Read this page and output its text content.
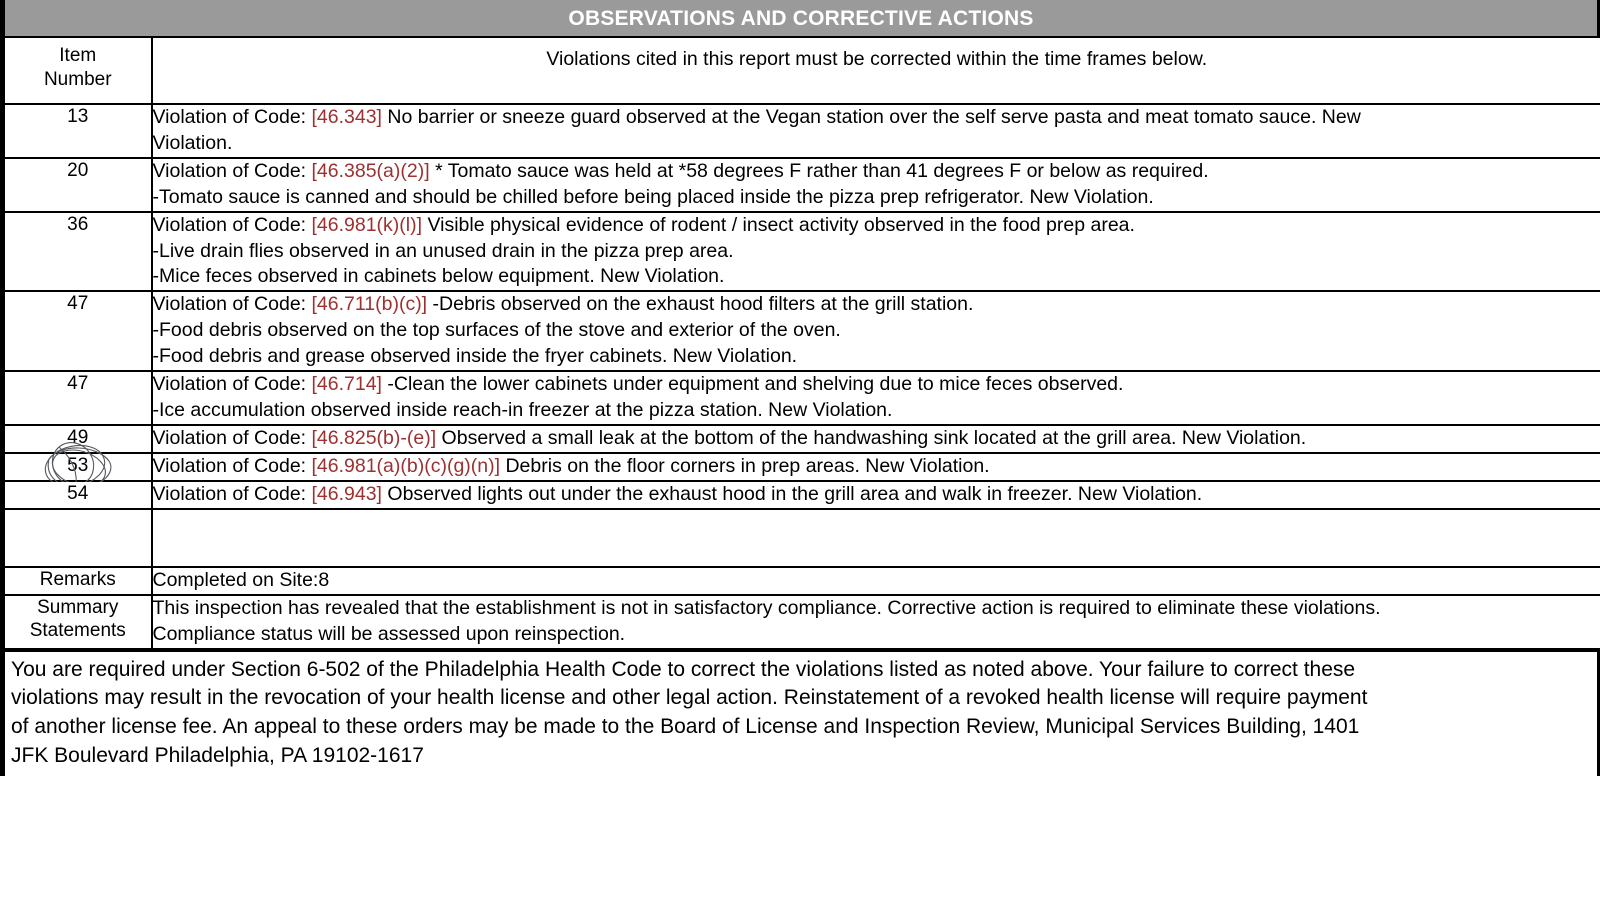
OBSERVATIONS AND CORRECTIVE ACTIONS
Item
Number	Violations cited in this report must be corrected within the time frames below.

13	Violation of Code: [46.343] No barrier or sneeze guard observed at the Vegan station over the self serve pasta and meat tomato sauce. New
Violation.

20	Violation of Code: [46.385(a)(2)] * Tomato sauce was held at *58 degrees F rather than 41 degrees F or below as required.
-Tomato sauce is canned and should be chilled before being placed inside the pizza prep refrigerator. New Violation.

36	Violation of Code: [46.981(k)(l)] Visible physical evidence of rodent / insect activity observed in the food prep area.
-Live drain flies observed in an unused drain in the pizza prep area.
-Mice feces observed in cabinets below equipment. New Violation.

47	Violation of Code: [46.711(b)(c)] -Debris observed on the exhaust hood filters at the grill station.
-Food debris observed on the top surfaces of the stove and exterior of the oven.
-Food debris and grease observed inside the fryer cabinets. New Violation.

47	Violation of Code: [46.714] -Clean the lower cabinets under equipment and shelving due to mice feces observed.
-Ice accumulation observed inside reach-in freezer at the pizza station. New Violation.

49	Violation of Code: [46.825(b)-(e)] Observed a small leak at the bottom of the handwashing sink located at the grill area. New Violation.

53	Violation of Code: [46.981(a)(b)(c)(g)(n)] Debris on the floor corners in prep areas. New Violation.

54	Violation of Code: [46.943] Observed lights out under the exhaust hood in the grill area and walk in freezer. New Violation.

Remarks	Completed on Site:8

Summary
Statements	This inspection has revealed that the establishment is not in satisfactory compliance. Corrective action is required to eliminate these violations.
Compliance status will be assessed upon reinspection.
You are required under Section 6-502 of the Philadelphia Health Code to correct the violations listed as noted above. Your failure to correct these
violations may result in the revocation of your health license and other legal action. Reinstatement of a revoked health license will require payment
of another license fee. An appeal to these orders may be made to the Board of License and Inspection Review, Municipal Services Building, 1401
JFK Boulevard Philadelphia, PA 19102-1617
